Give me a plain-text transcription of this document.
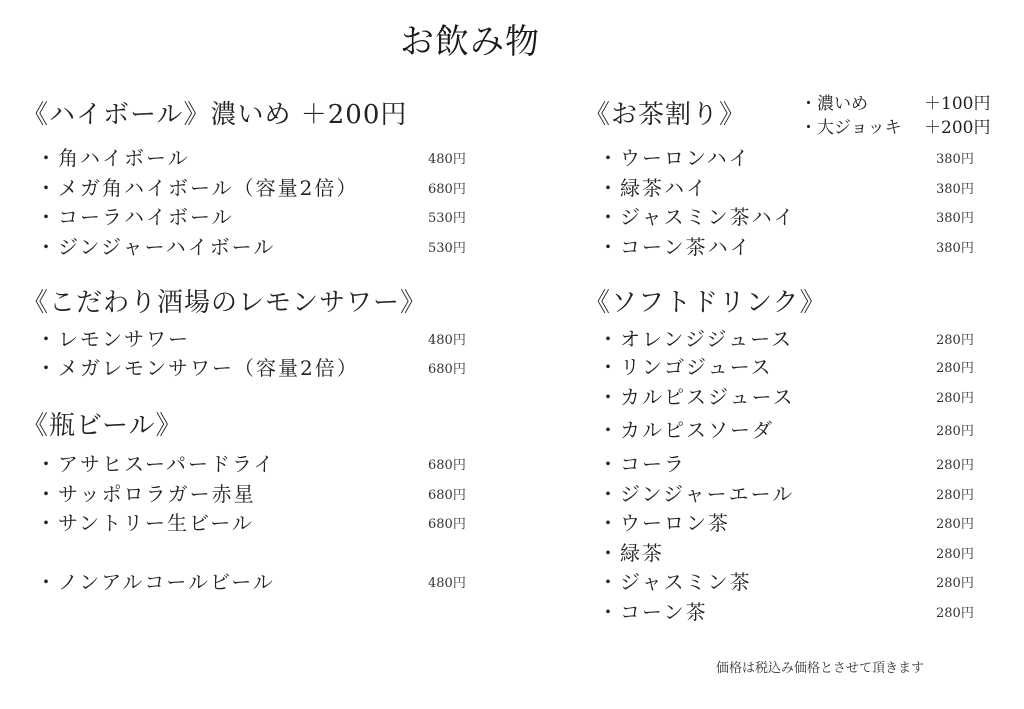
お飲み物
《ハイボール》濃いめ ＋200円
・角ハイボール	480円
・メガ角ハイボール（容量2倍）	680円
・コーラハイボール	530円
・ジンジャーハイボール	530円
《こだわり酒場のレモンサワー》
・レモンサワー	480円
・メガレモンサワー（容量2倍）	680円
《瓶ビール》
・アサヒスーパードライ	680円
・サッポロラガー赤星	680円
・サントリー生ビール	680円
・ノンアルコールビール	480円
《お茶割り》	・濃いめ	＋100円
・大ジョッキ ＋200円
・ウーロンハイ	380円
・緑茶ハイ	380円
・ジャスミン茶ハイ	380円
・コーン茶ハイ	380円
《ソフトドリンク》
・オレンジジュース	280円
・リンゴジュース	280円
・カルピスジュース	280円
・カルピスソーダ	280円
・コーラ	280円
・ジンジャーエール	280円
・ウーロン茶	280円
・緑茶	280円
・ジャスミン茶	280円
・コーン茶	280円
価格は税込み価格とさせて頂きます
